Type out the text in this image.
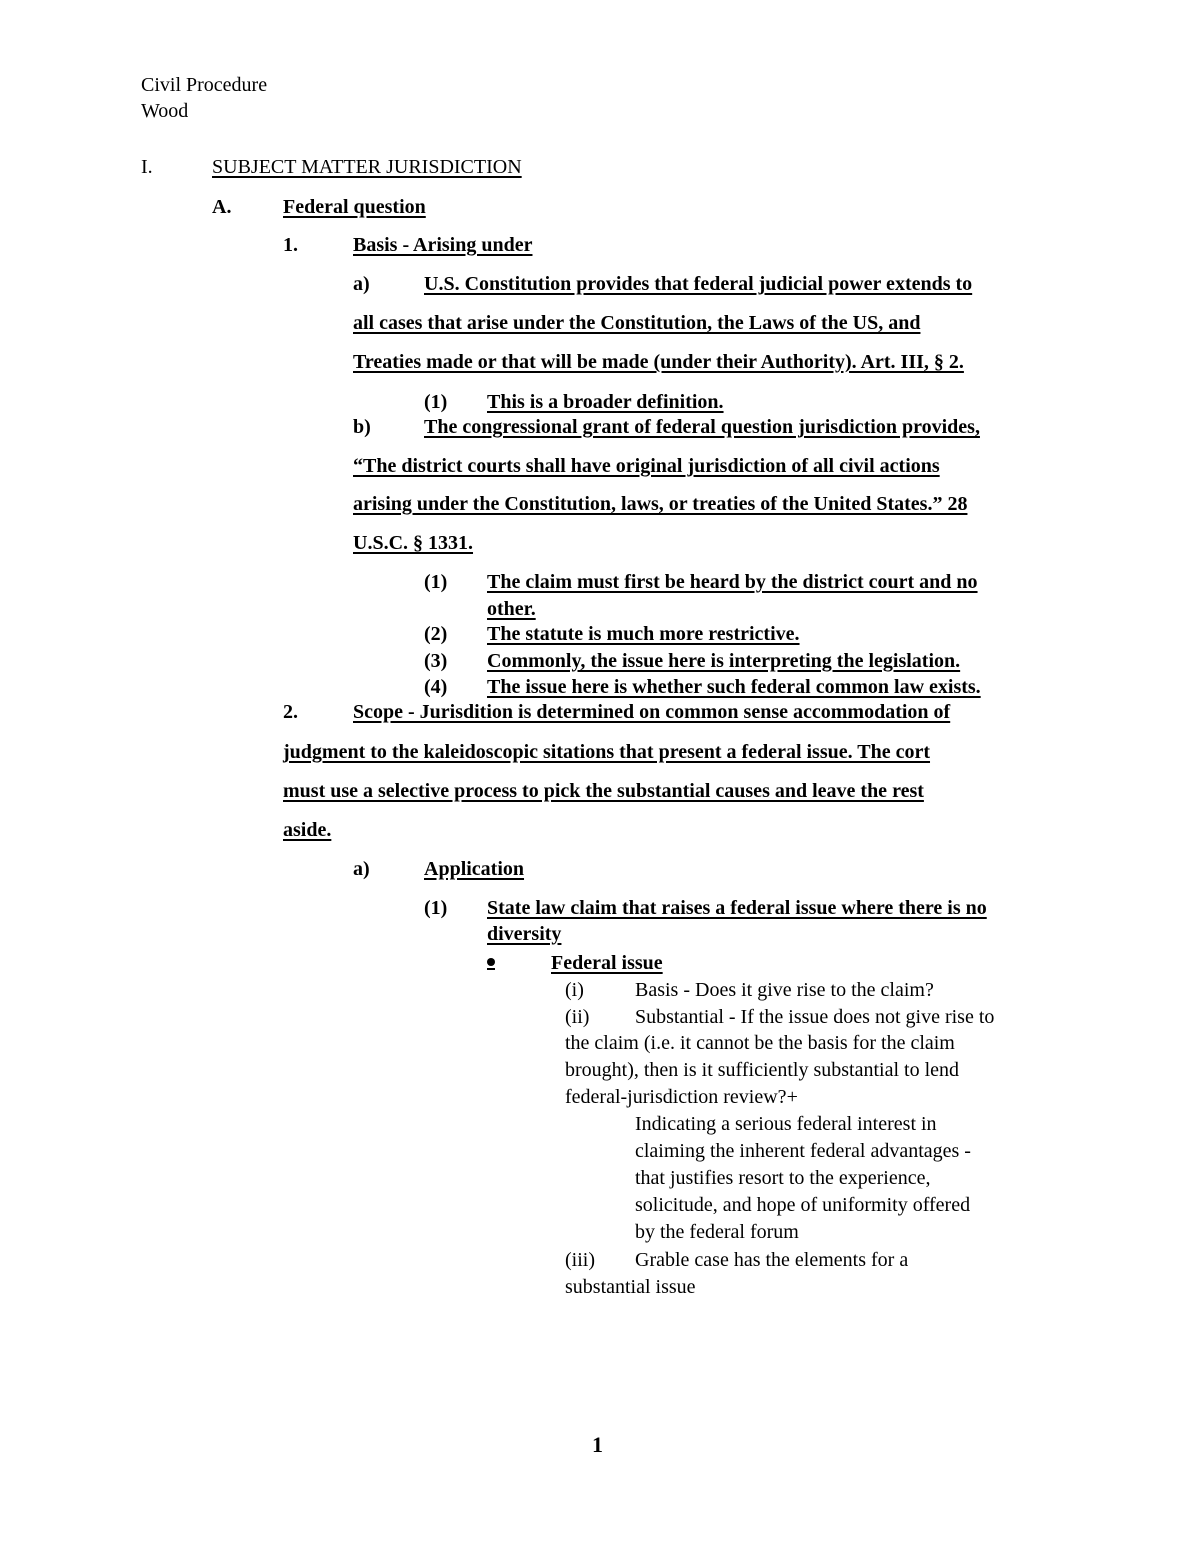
Civil Procedure
Wood
I.	SUBJECT MATTER JURISDICTION
A.	Federal question
1.	Basis - Arising under
a)	U.S. Constitution provides that federal judicial power extends to
all cases that arise under the Constitution, the Laws of the US, and
Treaties made or that will be made (under their Authority). Art. III, § 2.
(1) This is a broader definition.
b)	The congressional grant of federal question jurisdiction provides,
“The district courts shall have original jurisdiction of all civil actions
arising under the Constitution, laws, or treaties of the United States.” 28
U.S.C. § 1331.
(1) The claim must first be heard by the district court and no
other.
(2) The statute is much more restrictive.
(3) Commonly, the issue here is interpreting the legislation.
(4) The issue here is whether such federal common law exists.
2.	Scope - Jurisdition is determined on common sense accommodation of
judgment to the kaleidoscopic sitations that present a federal issue. The cort
must use a selective process to pick the substantial causes and leave the rest
aside.
a)	Application
(1) State law claim that raises a federal issue where there is no
diversity
Federal issue
(i)	Basis - Does it give rise to the claim?
(ii) Substantial - If the issue does not give rise to
the claim (i.e. it cannot be the basis for the claim
brought), then is it sufficiently substantial to lend
federal-jurisdiction review?+
Indicating a serious federal interest in
claiming the inherent federal advantages -
that justifies resort to the experience,
solicitude, and hope of uniformity offered
by the federal forum
(iii) Grable case has the elements for a
substantial issue
1
